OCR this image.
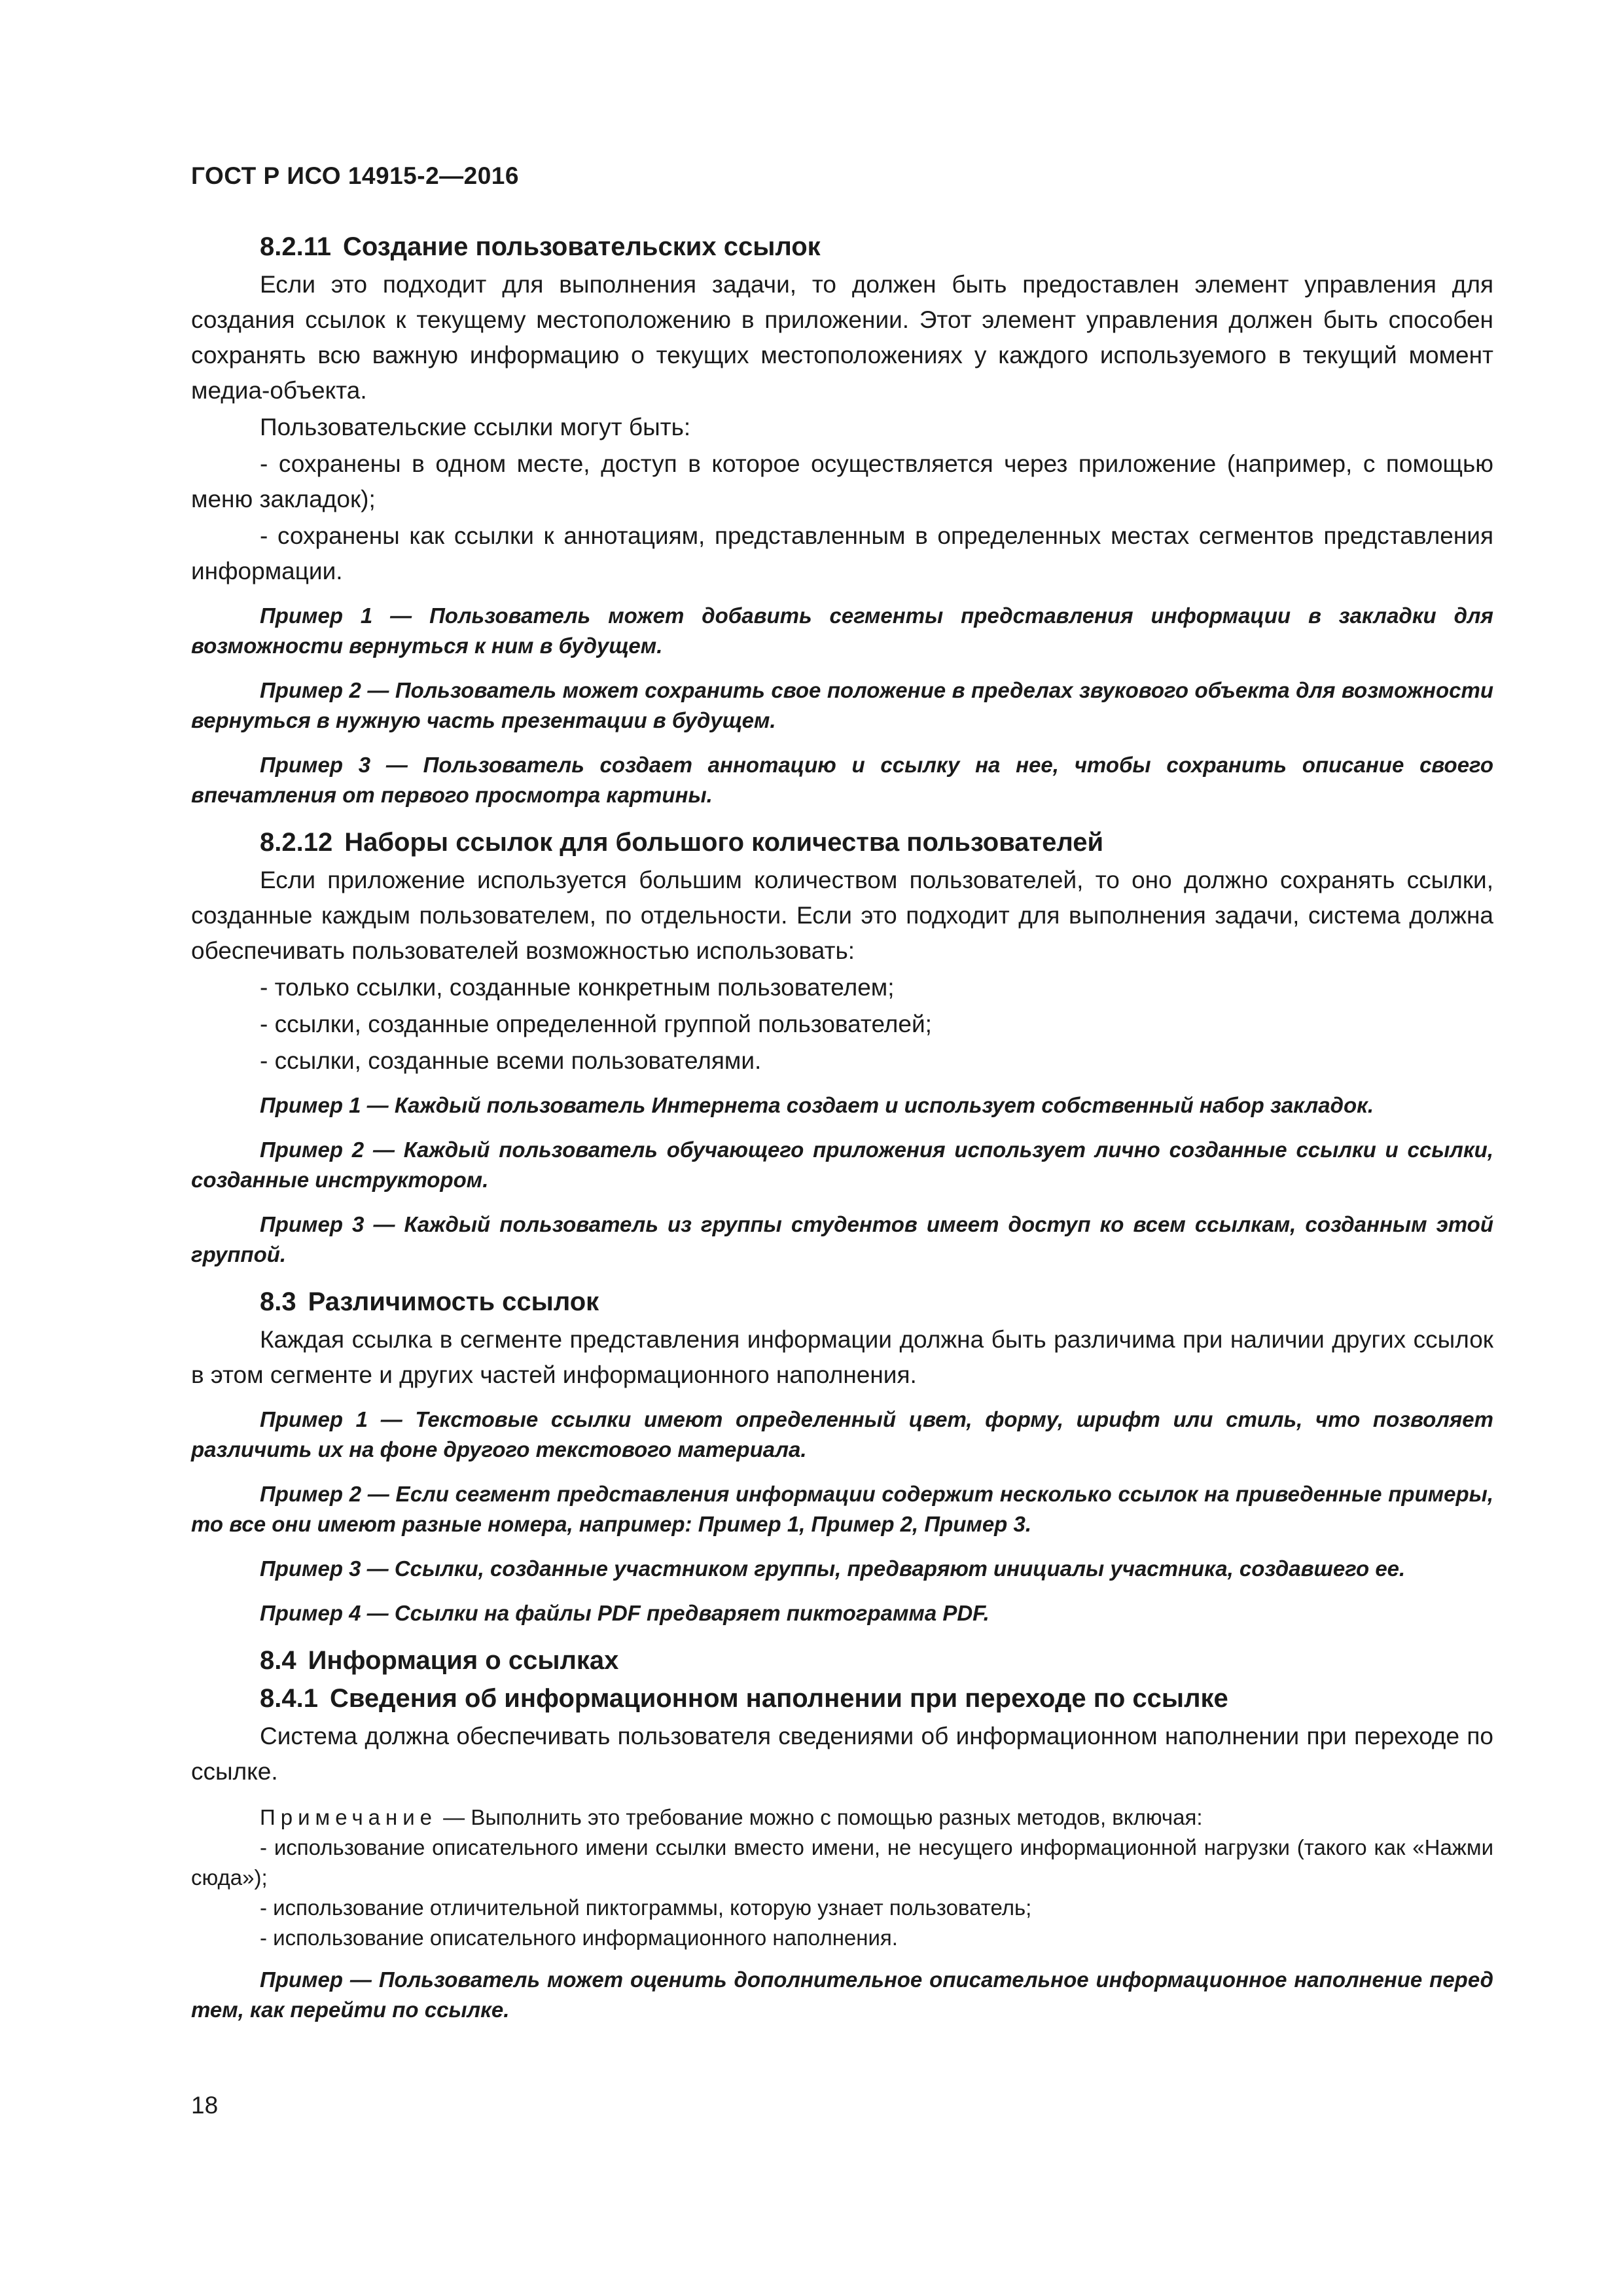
ГОСТ Р ИСО 14915-2—2016
8.2.11 Создание пользовательских ссылок

Если это подходит для выполнения задачи, то должен быть предоставлен элемент управления для создания ссылок к текущему местоположению в приложении. Этот элемент управления должен быть способен сохранять всю важную информацию о текущих местоположениях у каждого используемого в текущий момент медиа-объекта.

Пользовательские ссылки могут быть:

- сохранены в одном месте, доступ в которое осуществляется через приложение (например, с помощью меню закладок);

- сохранены как ссылки к аннотациям, представленным в определенных местах сегментов представления информации.

Пример 1 — Пользователь может добавить сегменты представления информации в закладки для возможности вернуться к ним в будущем.

Пример 2 — Пользователь может сохранить свое положение в пределах звукового объекта для возможности вернуться в нужную часть презентации в будущем.

Пример 3 — Пользователь создает аннотацию и ссылку на нее, чтобы сохранить описание своего впечатления от первого просмотра картины.

8.2.12 Наборы ссылок для большого количества пользователей

Если приложение используется большим количеством пользователей, то оно должно сохранять ссылки, созданные каждым пользователем, по отдельности. Если это подходит для выполнения задачи, система должна обеспечивать пользователей возможностью использовать:

- только ссылки, созданные конкретным пользователем;

- ссылки, созданные определенной группой пользователей;

- ссылки, созданные всеми пользователями.

Пример 1 — Каждый пользователь Интернета создает и использует собственный набор закладок.

Пример 2 — Каждый пользователь обучающего приложения использует лично созданные ссылки и ссылки, созданные инструктором.

Пример 3 — Каждый пользователь из группы студентов имеет доступ ко всем ссылкам, созданным этой группой.

8.3 Различимость ссылок

Каждая ссылка в сегменте представления информации должна быть различима при наличии других ссылок в этом сегменте и других частей информационного наполнения.

Пример 1 — Текстовые ссылки имеют определенный цвет, форму, шрифт или стиль, что позволяет различить их на фоне другого текстового материала.

Пример 2 — Если сегмент представления информации содержит несколько ссылок на приведенные примеры, то все они имеют разные номера, например: Пример 1, Пример 2, Пример 3.

Пример 3 — Ссылки, созданные участником группы, предваряют инициалы участника, создавшего ее.

Пример 4 — Ссылки на файлы PDF предваряет пиктограмма PDF.

8.4 Информация о ссылках
8.4.1 Сведения об информационном наполнении при переходе по ссылке

Система должна обеспечивать пользователя сведениями об информационном наполнении при переходе по ссылке.

Примечание — Выполнить это требование можно с помощью разных методов, включая:

- использование описательного имени ссылки вместо имени, не несущего информационной нагрузки (такого как «Нажми сюда»);

- использование отличительной пиктограммы, которую узнает пользователь;

- использование описательного информационного наполнения.

Пример — Пользователь может оценить дополнительное описательное информационное наполнение перед тем, как перейти по ссылке.

18
